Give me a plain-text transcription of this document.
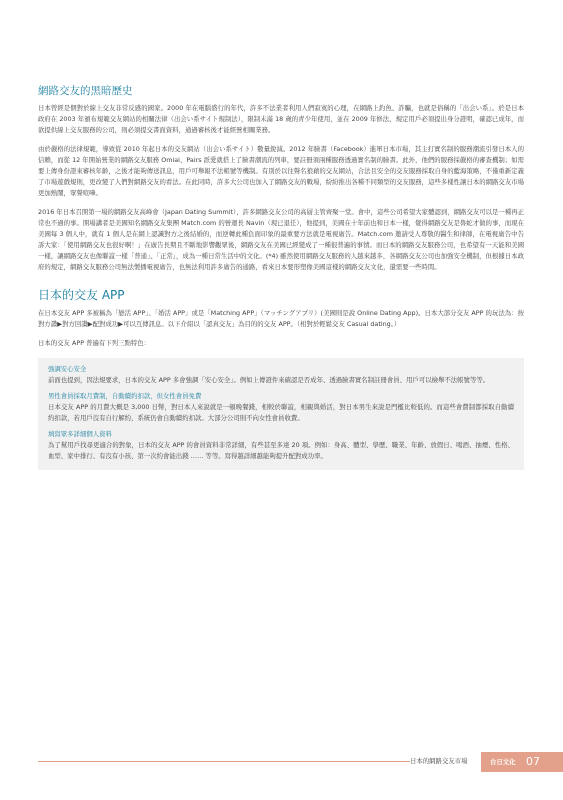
網路交友的黑暗歷史

日本曾經是個對於線上交友非常反感的國家。2000 年在電腦盛行的年代，許多不法業者利用人們寂寞的心理，在網路上釣魚、詐騙，也就是俗稱的「出会い系」。於是日本政府在 2003 年頒布規範交友網站的相關法律（出会い系サイト規制法），限制未滿 18 歲的青少年使用，並在 2009 年修法，規定用戶必須提出身分證明，確認已成年，而欲提供線上交友服務的公司，則必須提交書面資料，通過審核後才能經營相關業務。

由於嚴格的法律規範，導致從 2010 年起日本的交友網站（出会い系サイト）數量銳減。2012 年臉書（Facebook）進軍日本市場，其主打實名制的服務潮流引發日本人的信賴，而從 12 年開始營業的網路交友服務 Omiai、Pairs 派愛就搭上了臉書潮流的列車，要註冊須兩種服務透過實名制的臉書。此外，他們的服務採嚴格的審查機制；如需要上傳身份證來審核年齡，之後才能夠傳送訊息，用戶可舉報不法帳號等機制。有別於以往聲名狼藉的交友網站，合法且安全的交友服務採取自身的藍海策略，不僅重新定義了市場遊戲規則，更改變了人們對網路交友的看法。在此同時，許多大公司也加入了網路交友的戰場，紛紛推出各種不同類型的交友服務，這些多樣性讓日本的網路交友市場更加熱鬧，眾聲喧嘩。

2016 年日本召開第一場的網路交友高峰會（Japan Dating Summit），許多網路交友公司的高層主管齊聚一堂。會中，這些公司希望大家體認到，網路交友可以是一種再正常也不過的事。開場講者是美國知名網路交友集團 Match.com 的營運長 Navin（現已退任），他提到，美國在十年前也和日本一樣，覺得網路交友是魯蛇才做的事，而現在美國每 3 個人中，就有 1 個人是在網上認識對方之後結婚的，而逆轉此種負面印象的最重要方法就是電視廣告。Match.com 邀請受人尊敬的醫生和律師，在電視廣告中告訴大家：「使用網路交友也很好啊！」在廣告長期且不斷地影響觀眾後，網路交友在美國已經變成了一種很普遍的事情。而日本的網路交友服務公司，也希望有一天能和美國一樣，讓網路交友也像聯誼一樣「普通」、「正常」，成為一種日常生活中的文化。(*4) 雖然使用網路交友服務的人越來越多，各網路交友公司也加強安全機制，但根據日本政府的規定，網路交友服務公司無法製播電視廣告，也無法利用許多廣告的通路，看來日本要形塑像美國這樣的網路交友文化，還需要一些時間。

日本的交友 APP

在日本交友 APP 多被稱為「戀活 APP」、「婚活 APP」或是「Matching APP」（マッチングアプリ）(美國則是說 Online Dating App)。日本大部分交友 APP 的玩法為：按對方讚▶對方回讚▶配對成功▶可以互傳訊息。以下介紹以「認真交友」為目的的交友 APP。（相對於輕鬆交友 Casual dating。）

日本的交友 APP 普遍有下列三點特色：

強調安心安全

前面也提到，因法規要求，日本的交友 APP 多會強調「安心安全」。例如上傳證件來確認是否成年、透過臉書實名制註冊會員、用戶可以檢舉不法帳號等等。

男性會員採取月費制，自動續約扣款，但女性會員免費

日本交友 APP 的月費大概是 3,000 日幣，對日本人來說就是一頓晚餐錢，相較於聯誼，相親與婚活，對日本男生來說是門檻比較低的。而這些會費制都採取自動續約扣款，若用戶沒有自行解約，系統仍會自動續約扣款。大部分公司則不向女性會員收費。

填寫眾多詳細個人資料

為了幫用戶找尋更適合的對象，日本的交友 APP 的會員資料非常詳細，有些甚至多達 20 項。例如：身高、體型、學歷、職業、年齡、放假日、喝酒、抽煙、性格、血型、家中排行、有沒有小孩、第一次約會能出錢 …… 等等。寫得越詳細越能夠提升配對成功率。

日本的網路交友市場	台日文化 07
